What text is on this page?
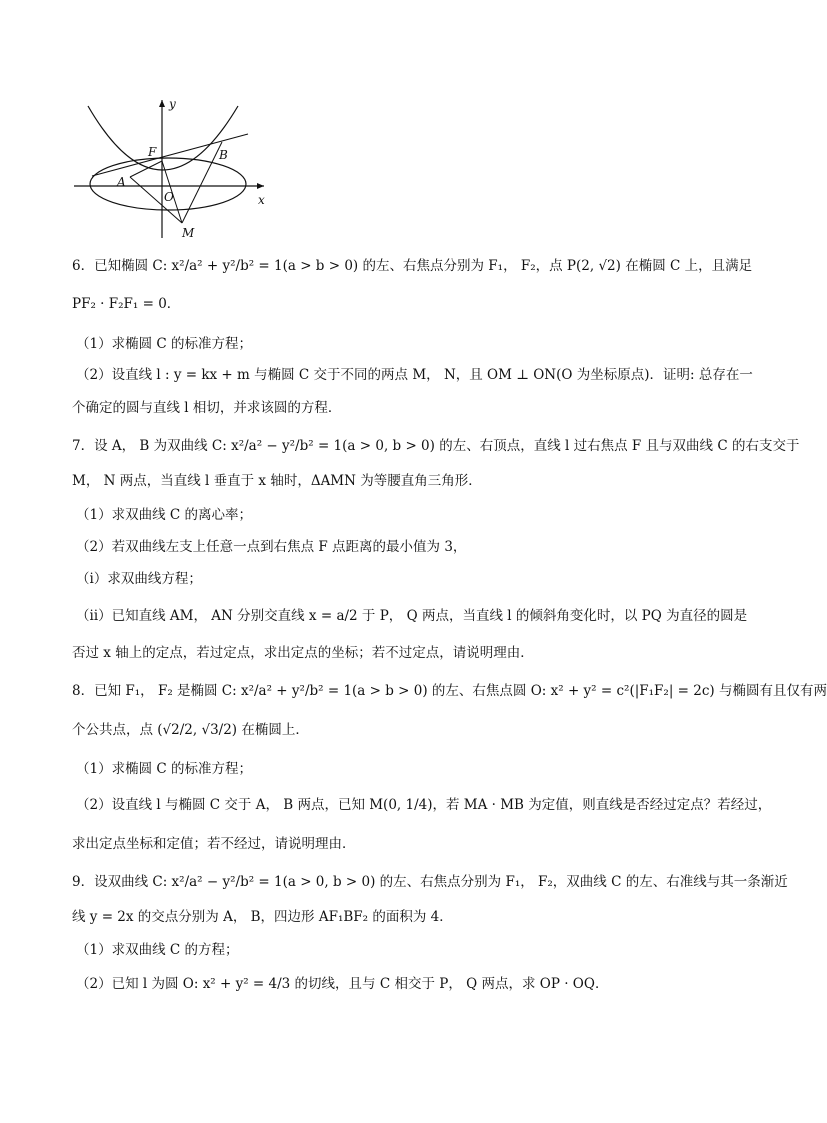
y
x
F	B
A
O
M
6．已知椭圆 C: x²/a² + y²/b² = 1(a > b > 0) 的左、右焦点分别为 F₁， F₂，点 P(2, √2) 在椭圆 C 上，且满足
PF₂ · F₂F₁ = 0．
（1）求椭圆 C 的标准方程；
（2）设直线 l : y = kx + m 与椭圆 C 交于不同的两点 M， N，且 OM ⊥ ON(O 为坐标原点)．证明: 总存在一
个确定的圆与直线 l 相切，并求该圆的方程．
7．设 A， B 为双曲线 C: x²/a² − y²/b² = 1(a > 0, b > 0) 的左、右顶点，直线 l 过右焦点 F 且与双曲线 C 的右支交于
M， N 两点，当直线 l 垂直于 x 轴时，ΔAMN 为等腰直角三角形．
（1）求双曲线 C 的离心率；
（2）若双曲线左支上任意一点到右焦点 F 点距离的最小值为 3，
（ⅰ）求双曲线方程；
（ⅱ）已知直线 AM， AN 分别交直线 x = a/2 于 P， Q 两点，当直线 l 的倾斜角变化时，以 PQ 为直径的圆是
否过 x 轴上的定点，若过定点，求出定点的坐标；若不过定点，请说明理由．
8．已知 F₁， F₂ 是椭圆 C: x²/a² + y²/b² = 1(a > b > 0) 的左、右焦点圆 O: x² + y² = c²(|F₁F₂| = 2c) 与椭圆有且仅有两
个公共点，点 (√2/2, √3/2) 在椭圆上．
（1）求椭圆 C 的标准方程；
（2）设直线 l 与椭圆 C 交于 A， B 两点，已知 M(0, 1/4)，若 MA · MB 为定值，则直线是否经过定点？若经过，
求出定点坐标和定值；若不经过，请说明理由．
9．设双曲线 C: x²/a² − y²/b² = 1(a > 0, b > 0) 的左、右焦点分别为 F₁， F₂，双曲线 C 的左、右准线与其一条渐近
线 y = 2x 的交点分别为 A， B，四边形 AF₁BF₂ 的面积为 4．
（1）求双曲线 C 的方程；
（2）已知 l 为圆 O: x² + y² = 4/3 的切线，且与 C 相交于 P， Q 两点，求 OP · OQ．
